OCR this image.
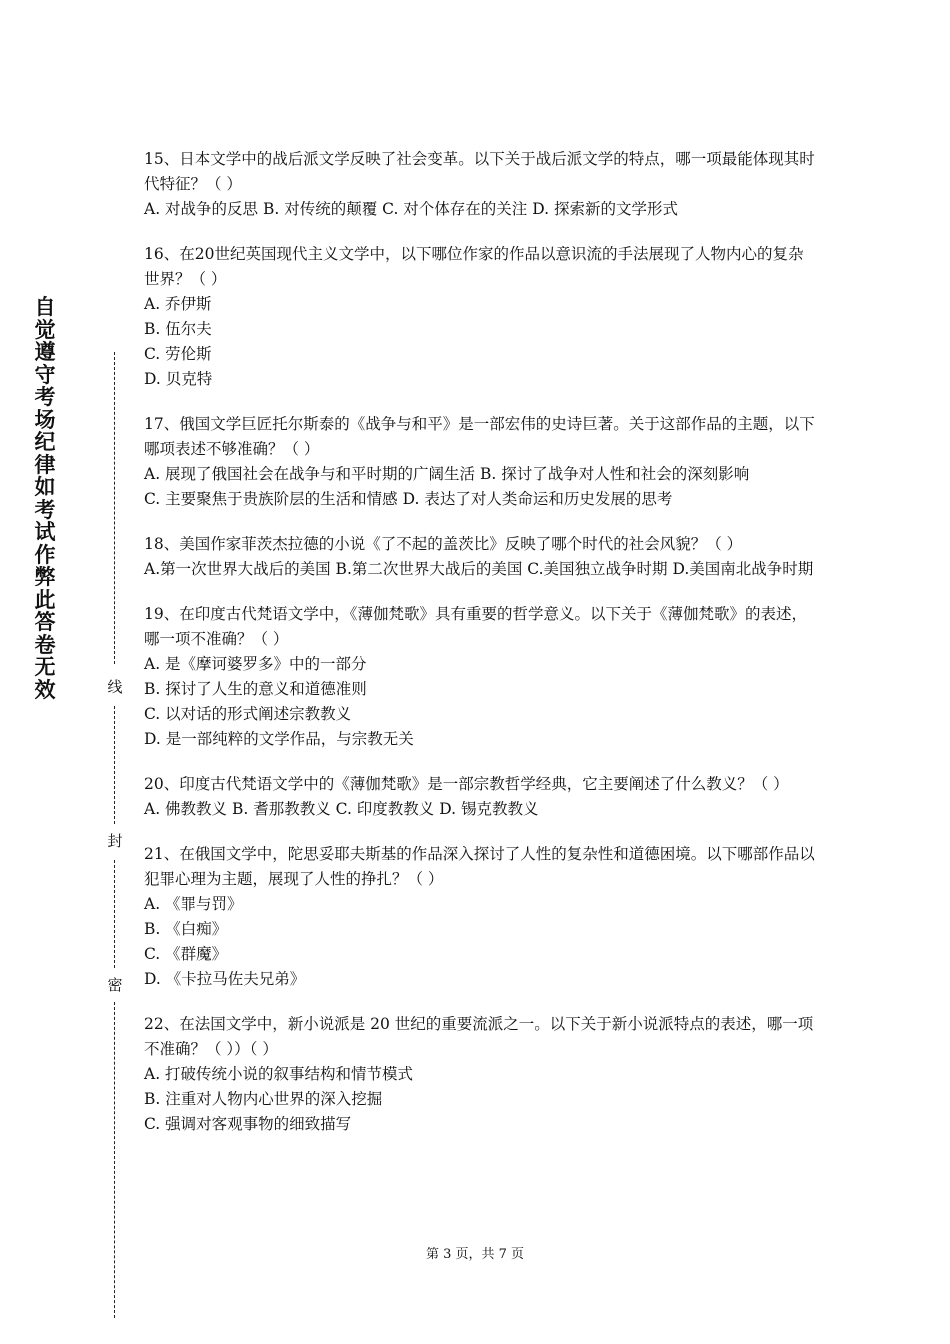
自觉遵守考场纪律如考试作弊此答卷无效	线
封
密
15、日本文学中的战后派文学反映了社会变革。以下关于战后派文学的特点，哪一项最能体现其时代特征？（ ）
A. 对战争的反思 B. 对传统的颠覆 C. 对个体存在的关注 D. 探索新的文学形式
16、在20世纪英国现代主义文学中，以下哪位作家的作品以意识流的手法展现了人物内心的复杂世界？（ ）
A. 乔伊斯
B. 伍尔夫
C. 劳伦斯
D. 贝克特
17、俄国文学巨匠托尔斯泰的《战争与和平》是一部宏伟的史诗巨著。关于这部作品的主题，以下哪项表述不够准确？（ ）
A. 展现了俄国社会在战争与和平时期的广阔生活 B. 探讨了战争对人性和社会的深刻影响
C. 主要聚焦于贵族阶层的生活和情感 D. 表达了对人类命运和历史发展的思考
18、美国作家菲茨杰拉德的小说《了不起的盖茨比》反映了哪个时代的社会风貌？（ ）
A.第一次世界大战后的美国 B.第二次世界大战后的美国 C.美国独立战争时期 D.美国南北战争时期
19、在印度古代梵语文学中，《薄伽梵歌》具有重要的哲学意义。以下关于《薄伽梵歌》的表述，哪一项不准确？（ ）
A. 是《摩诃婆罗多》中的一部分
B. 探讨了人生的意义和道德准则
C. 以对话的形式阐述宗教教义
D. 是一部纯粹的文学作品，与宗教无关
20、印度古代梵语文学中的《薄伽梵歌》是一部宗教哲学经典，它主要阐述了什么教义？（ ）
A. 佛教教义 B. 耆那教教义 C. 印度教教义 D. 锡克教教义
21、在俄国文学中，陀思妥耶夫斯基的作品深入探讨了人性的复杂性和道德困境。以下哪部作品以犯罪心理为主题，展现了人性的挣扎？（ ）
A. 《罪与罚》
B. 《白痴》
C. 《群魔》
D. 《卡拉马佐夫兄弟》
22、在法国文学中，新小说派是 20 世纪的重要流派之一。以下关于新小说派特点的表述，哪一项不准确？（ ））（ ）
A. 打破传统小说的叙事结构和情节模式
B. 注重对人物内心世界的深入挖掘
C. 强调对客观事物的细致描写
第 3 页，共 7 页
